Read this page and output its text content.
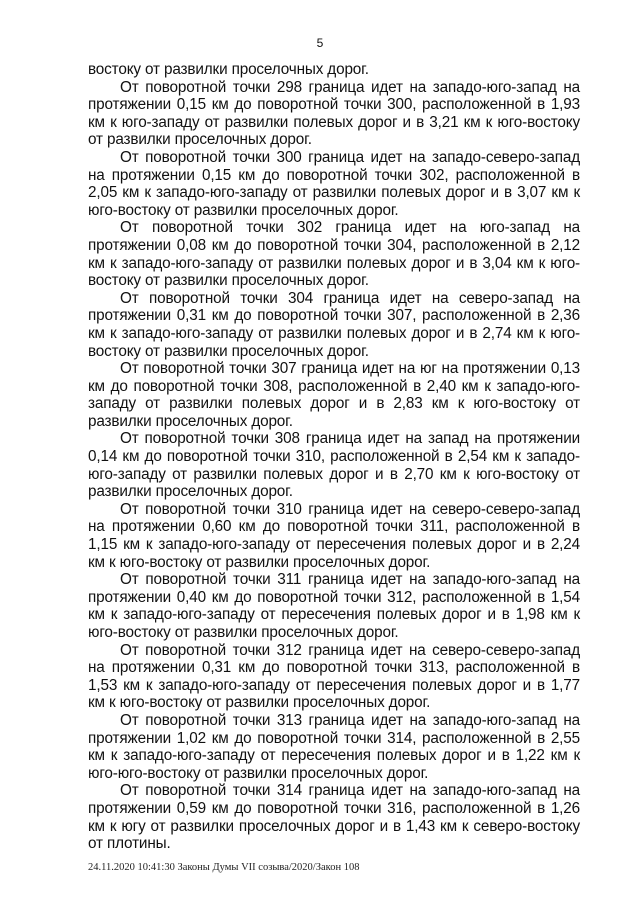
5

востоку от развилки проселочных дорог.

От поворотной точки 298 граница идет на западо-юго-запад на протяжении 0,15 км до поворотной точки 300, расположенной в 1,93 км к юго-западу от развилки полевых дорог и в 3,21 км к юго-востоку от развилки проселочных дорог.

От поворотной точки 300 граница идет на западо-северо-запад на протяжении 0,15 км до поворотной точки 302, расположенной в 2,05 км к западо-юго-западу от развилки полевых дорог и в 3,07 км к юго-востоку от развилки проселочных дорог.

От поворотной точки 302 граница идет на юго-запад на протяжении 0,08 км до поворотной точки 304, расположенной в 2,12 км к западо-юго-западу от развилки полевых дорог и в 3,04 км к юго-востоку от развилки проселочных дорог.

От поворотной точки 304 граница идет на северо-запад на протяжении 0,31 км до поворотной точки 307, расположенной в 2,36 км к западо-юго-западу от развилки полевых дорог и в 2,74 км к юго-востоку от развилки проселочных дорог.

От поворотной точки 307 граница идет на юг на протяжении 0,13 км до поворотной точки 308, расположенной в 2,40 км к западо-юго-западу от развилки полевых дорог и в 2,83 км к юго-востоку от развилки проселочных дорог.

От поворотной точки 308 граница идет на запад на протяжении 0,14 км до поворотной точки 310, расположенной в 2,54 км к западо-юго-западу от развилки полевых дорог и в 2,70 км к юго-востоку от развилки проселочных дорог.

От поворотной точки 310 граница идет на северо-северо-запад на протяжении 0,60 км до поворотной точки 311, расположенной в 1,15 км к западо-юго-западу от пересечения полевых дорог и в 2,24 км к юго-востоку от развилки проселочных дорог.

От поворотной точки 311 граница идет на западо-юго-запад на протяжении 0,40 км до поворотной точки 312, расположенной в 1,54 км к западо-юго-западу от пересечения полевых дорог и в 1,98 км к юго-востоку от развилки проселочных дорог.

От поворотной точки 312 граница идет на северо-северо-запад на протяжении 0,31 км до поворотной точки 313, расположенной в 1,53 км к западо-юго-западу от пересечения полевых дорог и в 1,77 км к юго-востоку от развилки проселочных дорог.

От поворотной точки 313 граница идет на западо-юго-запад на протяжении 1,02 км до поворотной точки 314, расположенной в 2,55 км к западо-юго-западу от пересечения полевых дорог и в 1,22 км к юго-юго-востоку от развилки проселочных дорог.

От поворотной точки 314 граница идет на западо-юго-запад на протяжении 0,59 км до поворотной точки 316, расположенной в 1,26 км к югу от развилки проселочных дорог и в 1,43 км к северо-востоку от плотины.

24.11.2020 10:41:30 Законы Думы VII созыва/2020/Закон 108
